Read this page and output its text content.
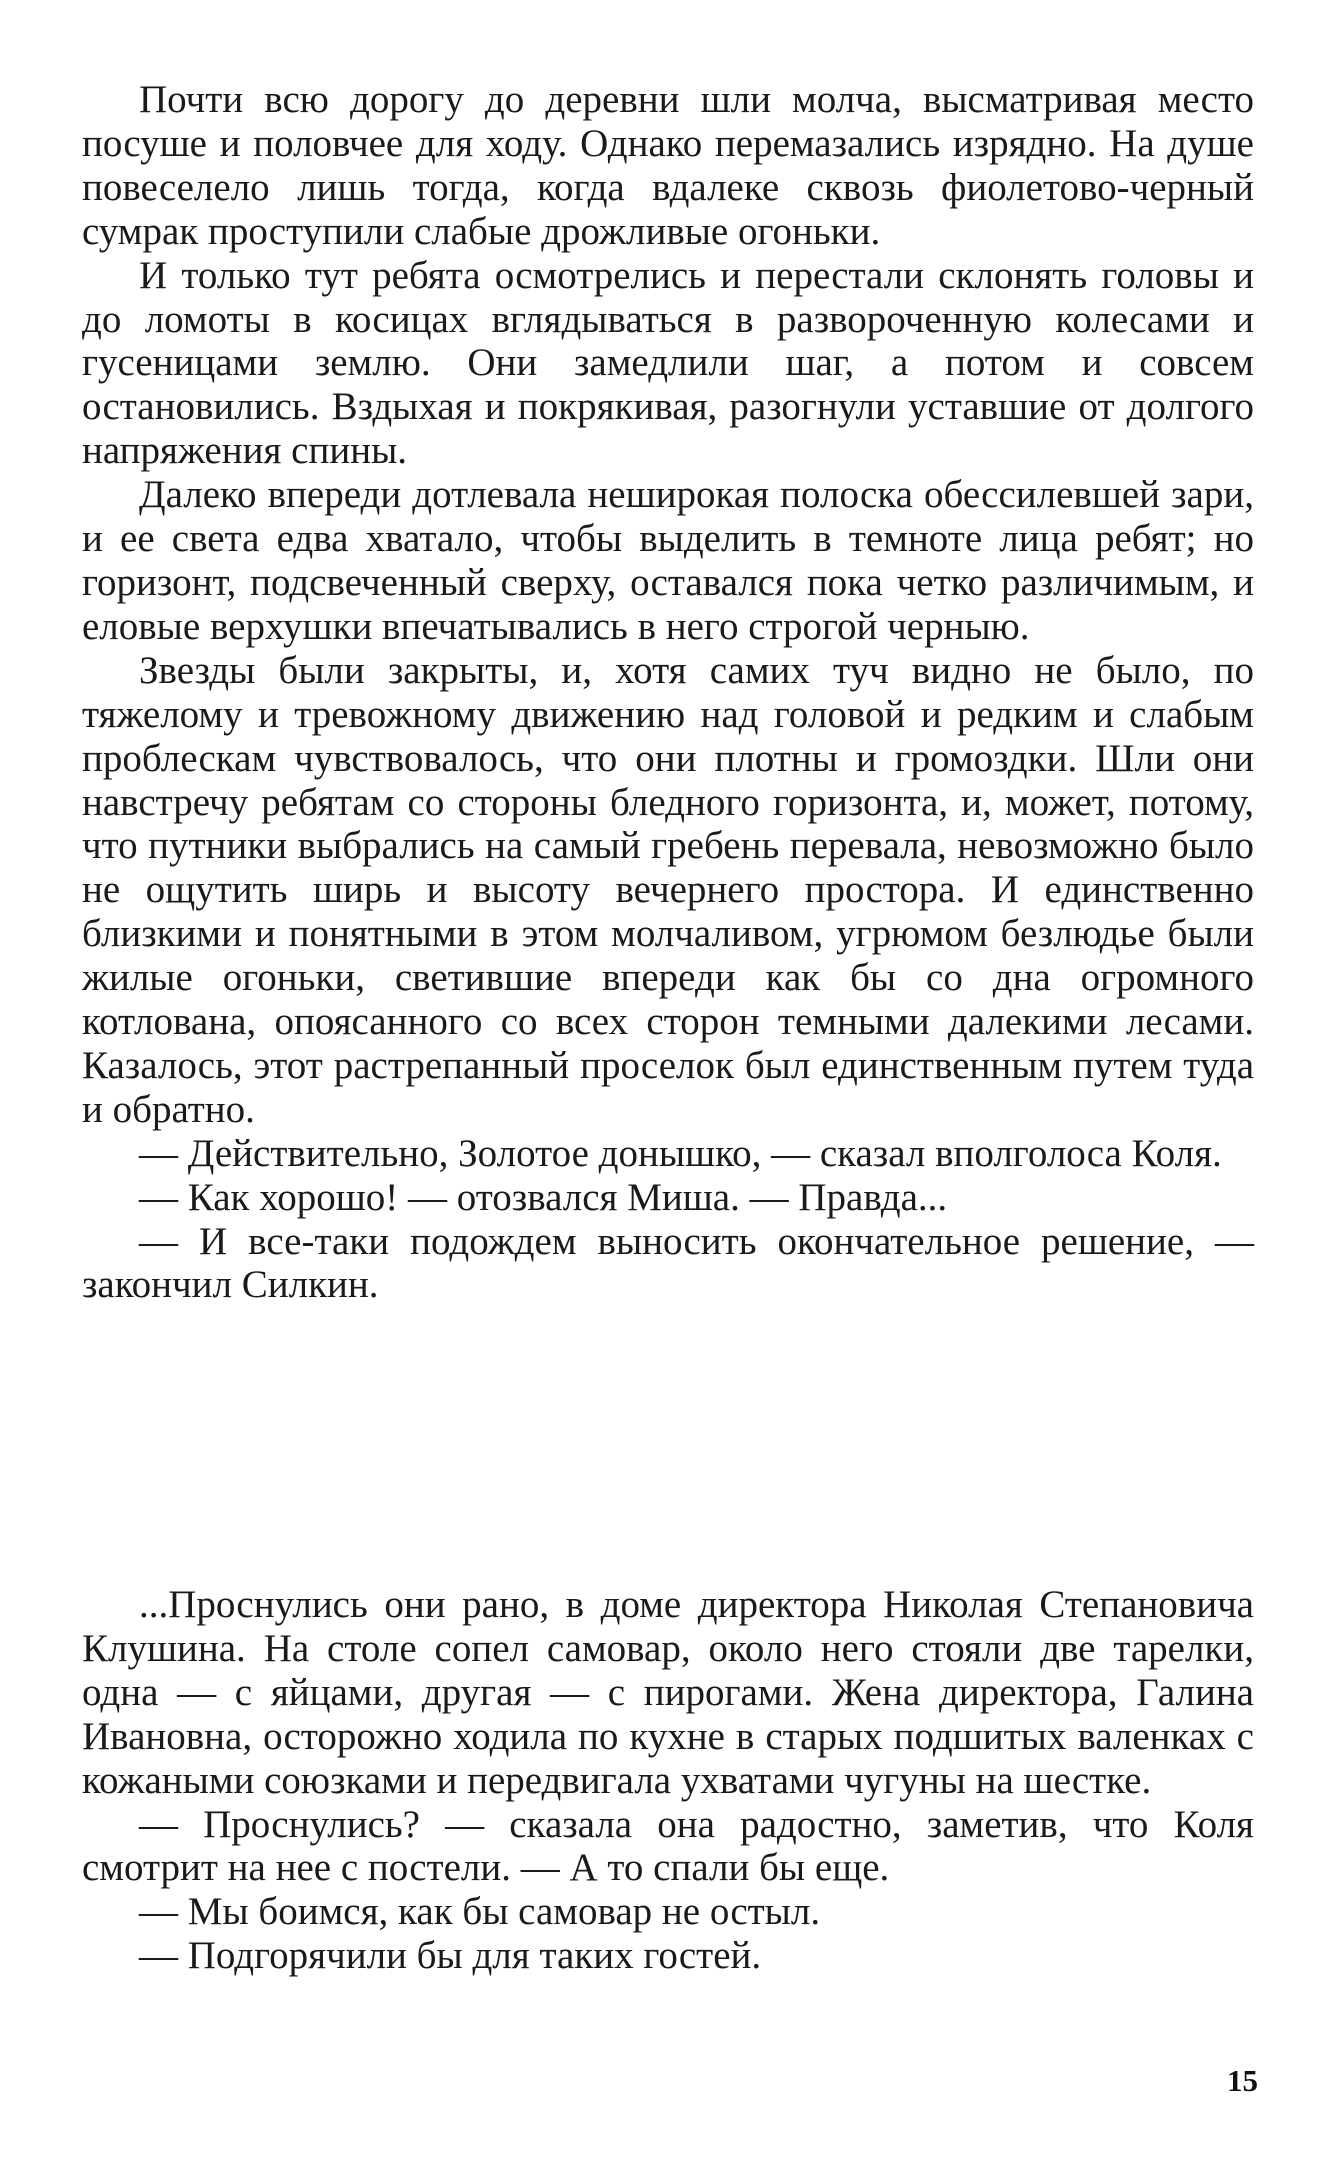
Почти всю дорогу до деревни шли молча, высматривая место посуше и половчее для ходу. Однако перемазались изрядно. На душе повеселело лишь тогда, когда вдалеке сквозь фиолетово-черный сумрак проступили слабые дрожливые огоньки.

И только тут ребята осмотрелись и перестали склонять головы и до ломоты в косицах вглядываться в развороченную колесами и гусеницами землю. Они замедлили шаг, а потом и совсем остановились. Вздыхая и покрякивая, разогнули уставшие от долгого напряжения спины.

Далеко впереди дотлевала неширокая полоска обессилевшей зари, и ее света едва хватало, чтобы выделить в темноте лица ребят; но горизонт, подсвеченный сверху, оставался пока четко различимым, и еловые верхушки впечатывались в него строгой черныю.

Звезды были закрыты, и, хотя самих туч видно не было, по тяжелому и тревожному движению над головой и редким и слабым проблескам чувствовалось, что они плотны и громоздки. Шли они навстречу ребятам со стороны бледного горизонта, и, может, потому, что путники выбрались на самый гребень перевала, невозможно было не ощутить ширь и высоту вечернего простора. И единственно близкими и понятными в этом молчаливом, угрюмом безлюдье были жилые огоньки, светившие впереди как бы со дна огромного котлована, опоясанного со всех сторон темными далекими лесами. Казалось, этот растрепанный проселок был единственным путем туда и обратно.

— Действительно, Золотое донышко, — сказал вполголоса Коля.

— Как хорошо! — отозвался Миша. — Правда...

— И все-таки подождем выносить окончательное решение, — закончил Силкин.

...Проснулись они рано, в доме директора Николая Степановича Клушина. На столе сопел самовар, около него стояли две тарелки, одна — с яйцами, другая — с пирогами. Жена директора, Галина Ивановна, осторожно ходила по кухне в старых подшитых валенках с кожаными союзками и передвигала ухватами чугуны на шестке.

— Проснулись? — сказала она радостно, заметив, что Коля смотрит на нее с постели. — А то спали бы еще.

— Мы боимся, как бы самовар не остыл.

— Подгорячили бы для таких гостей.

15
